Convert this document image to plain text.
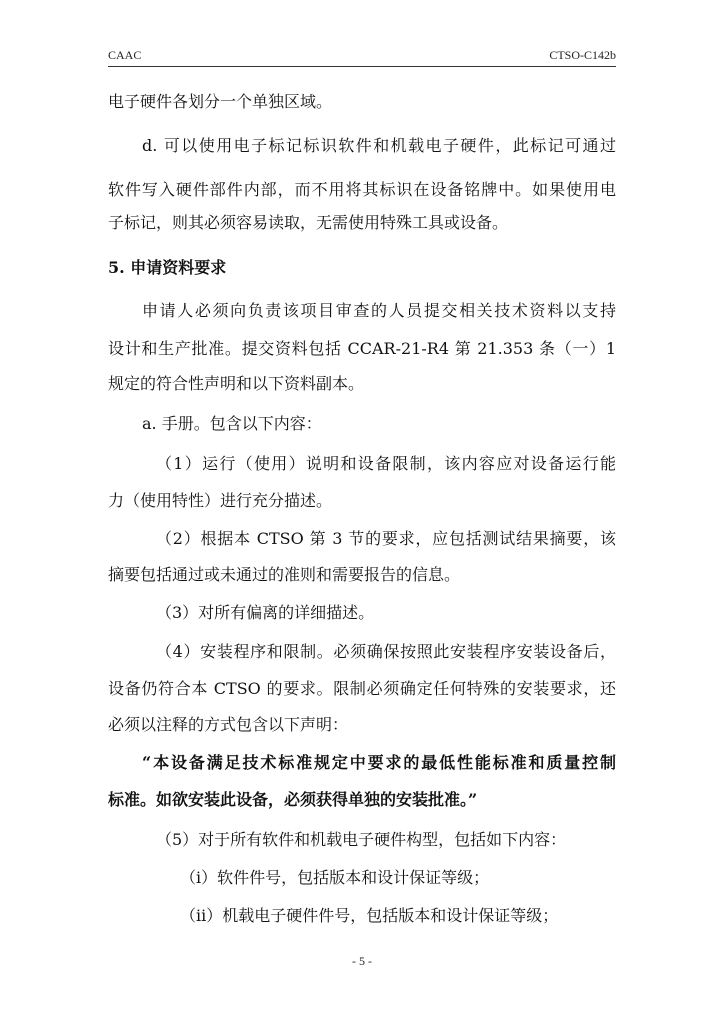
CAAC	CTSO-C142b
电子硬件各划分一个单独区域。
d. 可以使用电子标记标识软件和机载电子硬件，此标记可通过
软件写入硬件部件内部，而不用将其标识在设备铭牌中。如果使用电
子标记，则其必须容易读取，无需使用特殊工具或设备。
5. 申请资料要求
申请人必须向负责该项目审查的人员提交相关技术资料以支持
设计和生产批准。提交资料包括 CCAR-21-R4 第 21.353 条（一）1
规定的符合性声明和以下资料副本。
a. 手册。包含以下内容：
（1）运行（使用）说明和设备限制，该内容应对设备运行能
力（使用特性）进行充分描述。
（2）根据本 CTSO 第 3 节的要求，应包括测试结果摘要，该
摘要包括通过或未通过的准则和需要报告的信息。
（3）对所有偏离的详细描述。
（4）安装程序和限制。必须确保按照此安装程序安装设备后，
设备仍符合本 CTSO 的要求。限制必须确定任何特殊的安装要求，还
必须以注释的方式包含以下声明：
“本设备满足技术标准规定中要求的最低性能标准和质量控制
标准。如欲安装此设备，必须获得单独的安装批准。”
（5）对于所有软件和机载电子硬件构型，包括如下内容：
（i）软件件号，包括版本和设计保证等级；
（ii）机载电子硬件件号，包括版本和设计保证等级；
- 5 -
